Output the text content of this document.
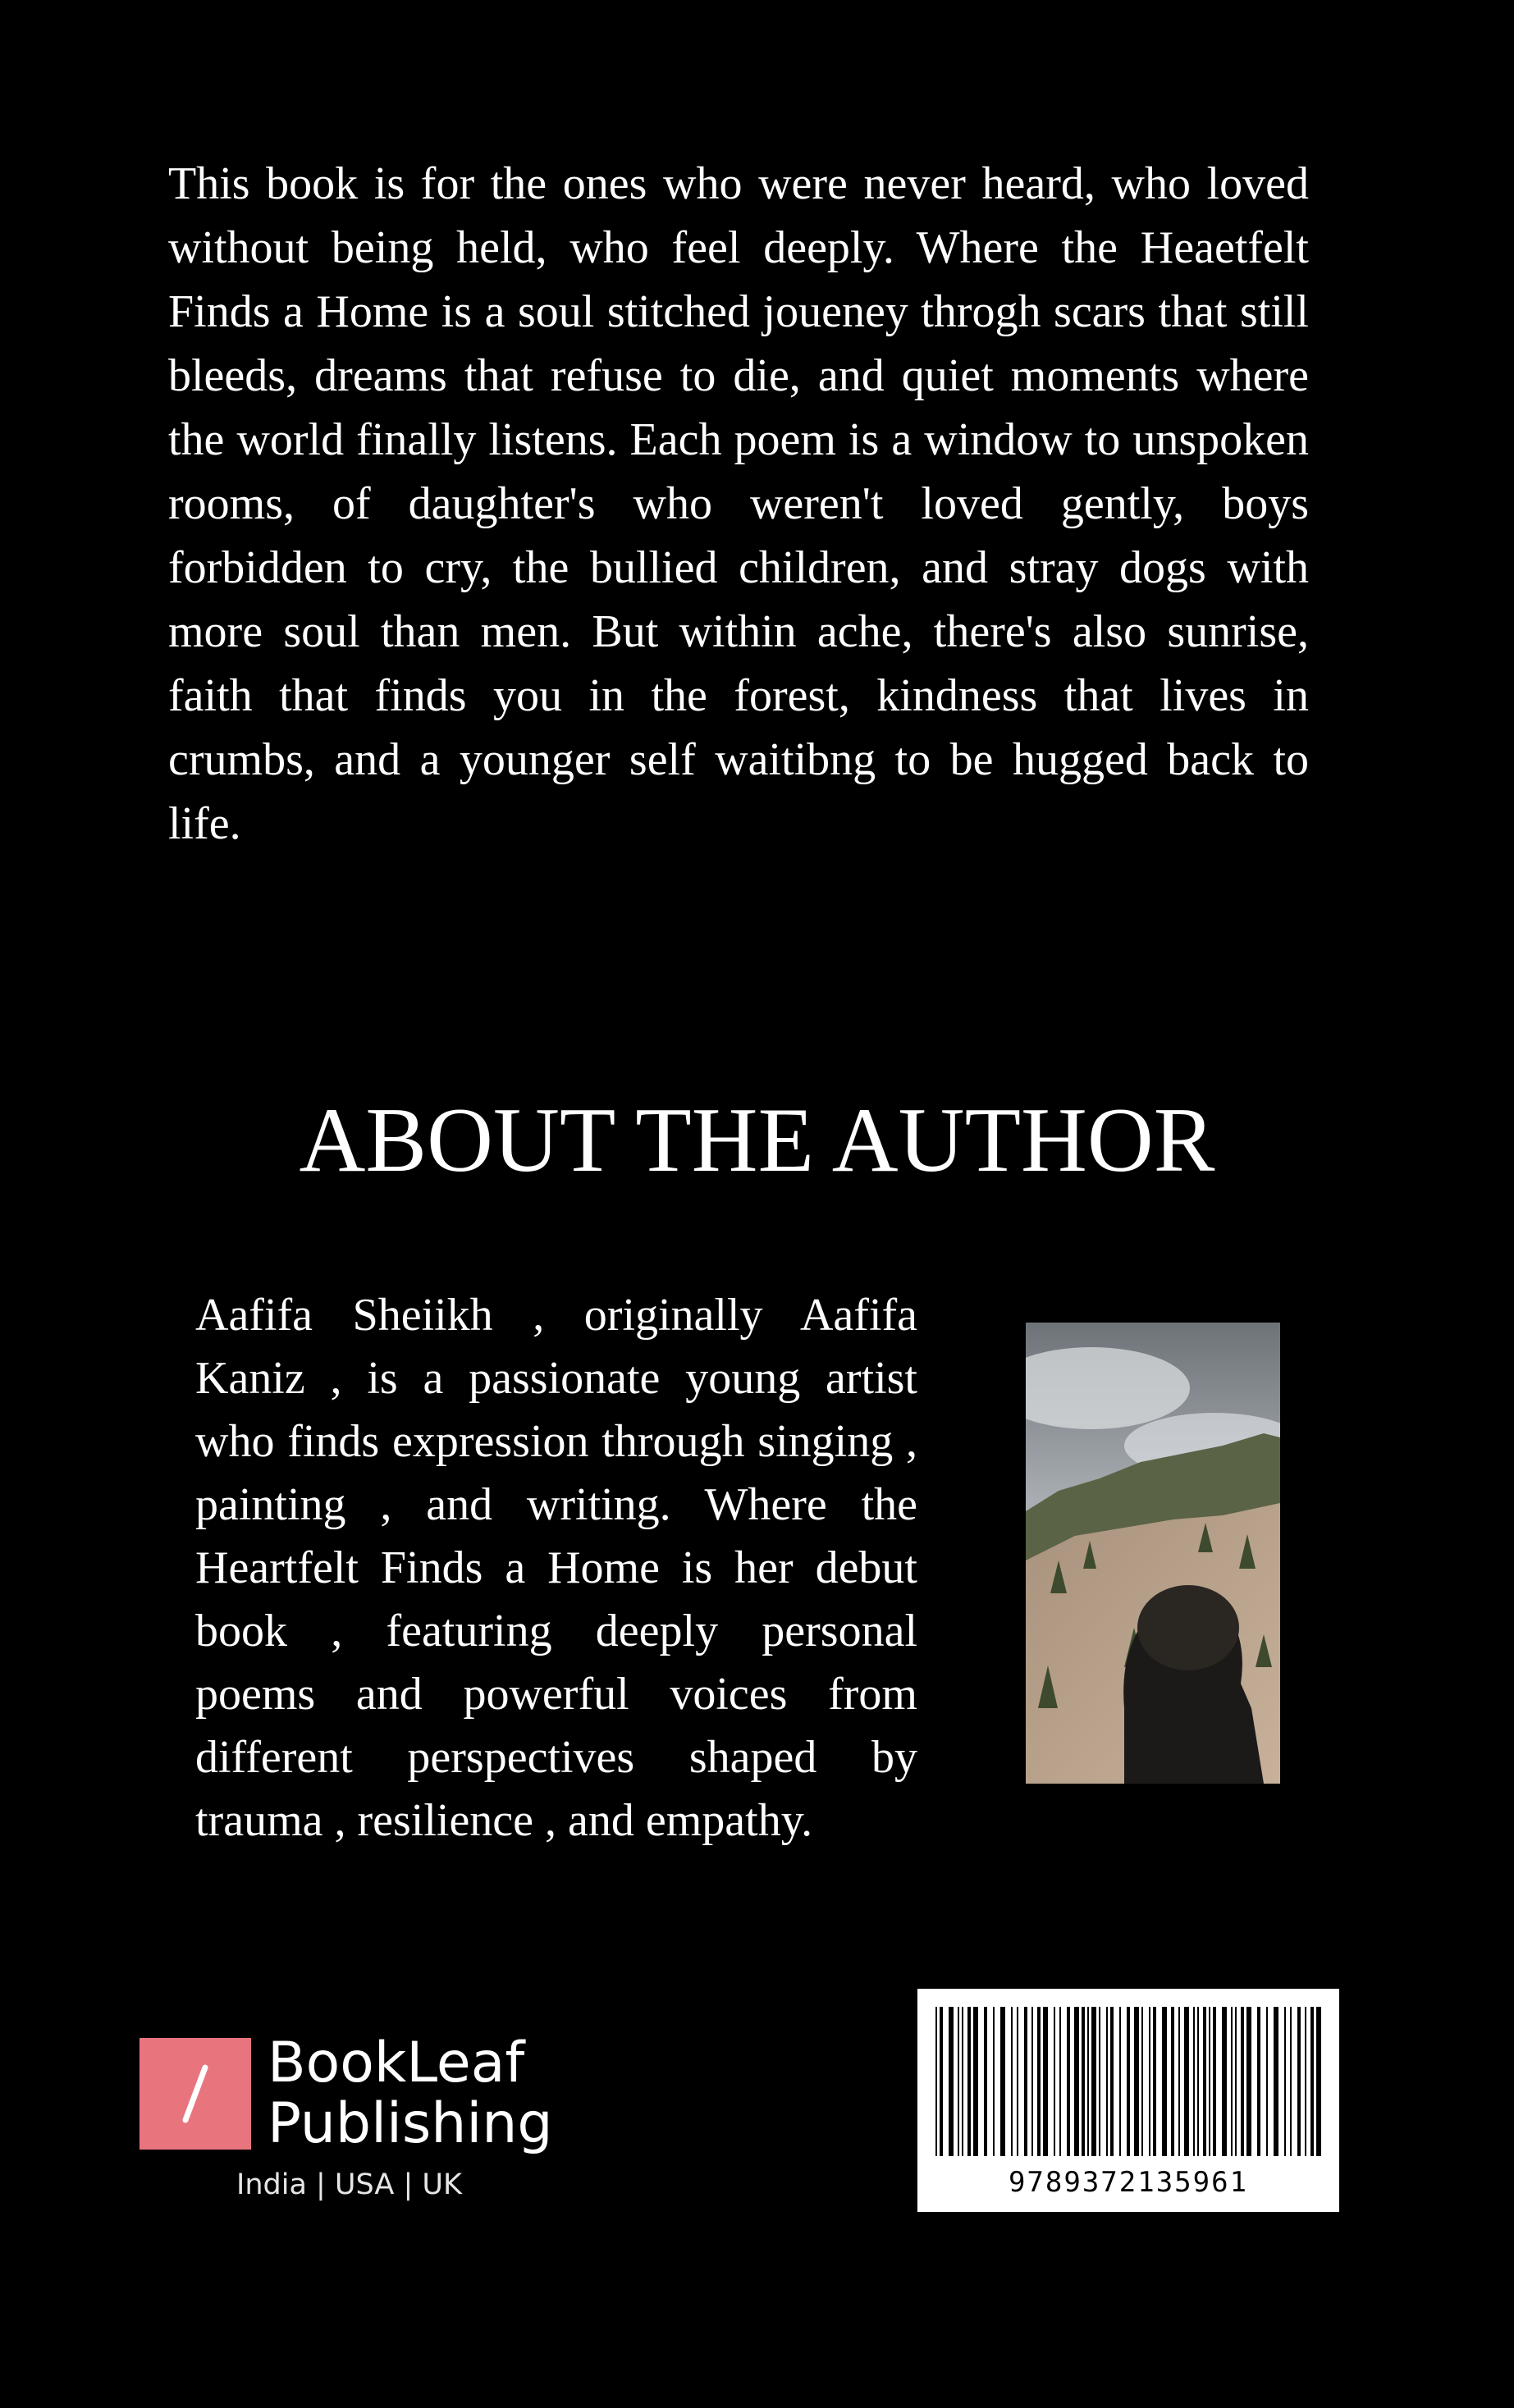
This book is for the ones who were never heard, who loved without being held, who feel deeply. Where the Heaetfelt Finds a Home is a soul stitched joueney throgh scars that still bleeds, dreams that refuse to die, and quiet moments where the world finally listens. Each poem is a window to unspoken rooms, of daughter's who weren't loved gently, boys forbidden to cry, the bullied children, and stray dogs with more soul than men. But within ache, there's also sunrise, faith that finds you in the forest, kindness that lives in crumbs, and a younger self waitibng to be hugged back to life.

ABOUT THE AUTHOR

Aafifa Sheiikh , originally Aafifa Kaniz , is a passionate young artist who finds expression through singing , painting , and writing. Where the Heartfelt Finds a Home is her debut book , featuring deeply personal poems and powerful voices from different perspectives shaped by trauma , resilience , and empathy.

BookLeaf
Publishing
India | USA | UK	9789372135961
